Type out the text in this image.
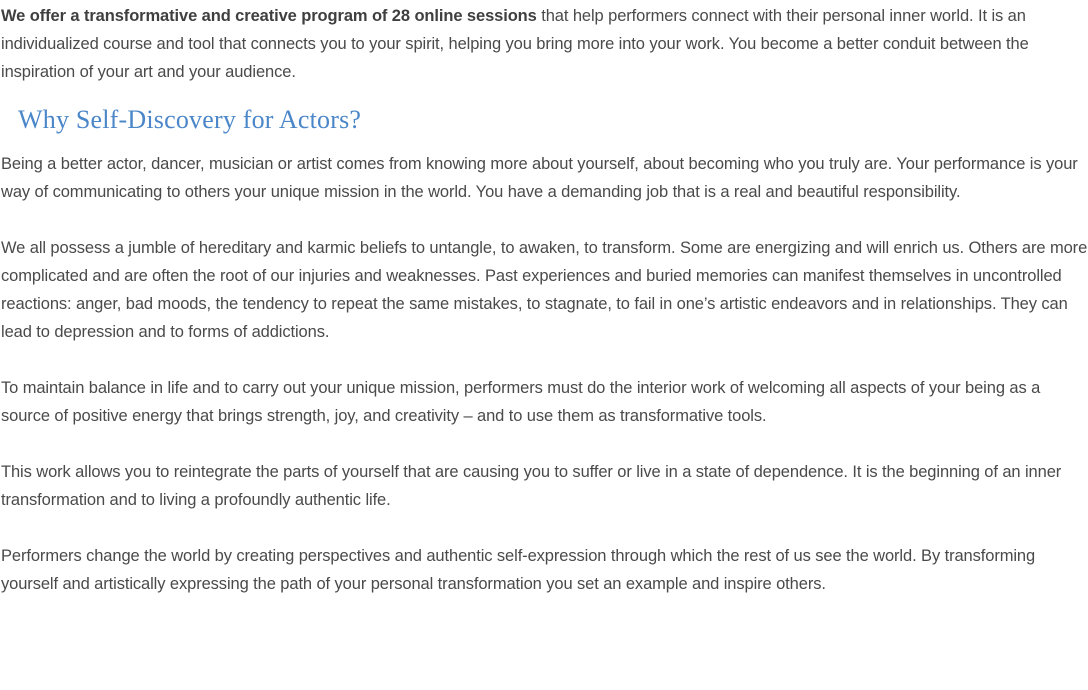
We offer a transformative and creative program of 28 online sessions that help performers connect with their personal inner world. It is an individualized course and tool that connects you to your spirit, helping you bring more into your work. You become a better conduit between the inspiration of your art and your audience.

Why Self-Discovery for Actors?

Being a better actor, dancer, musician or artist comes from knowing more about yourself, about becoming who you truly are. Your performance is your way of communicating to others your unique mission in the world. You have a demanding job that is a real and beautiful responsibility.

We all possess a jumble of hereditary and karmic beliefs to untangle, to awaken, to transform. Some are energizing and will enrich us. Others are more complicated and are often the root of our injuries and weaknesses. Past experiences and buried memories can manifest themselves in uncontrolled reactions: anger, bad moods, the tendency to repeat the same mistakes, to stagnate, to fail in one’s artistic endeavors and in relationships. They can lead to depression and to forms of addictions.

To maintain balance in life and to carry out your unique mission, performers must do the interior work of welcoming all aspects of your being as a source of positive energy that brings strength, joy, and creativity – and to use them as transformative tools.

This work allows you to reintegrate the parts of yourself that are causing you to suffer or live in a state of dependence. It is the beginning of an inner transformation and to living a profoundly authentic life.

Performers change the world by creating perspectives and authentic self-expression through which the rest of us see the world. By transforming yourself and artistically expressing the path of your personal transformation you set an example and inspire others.
